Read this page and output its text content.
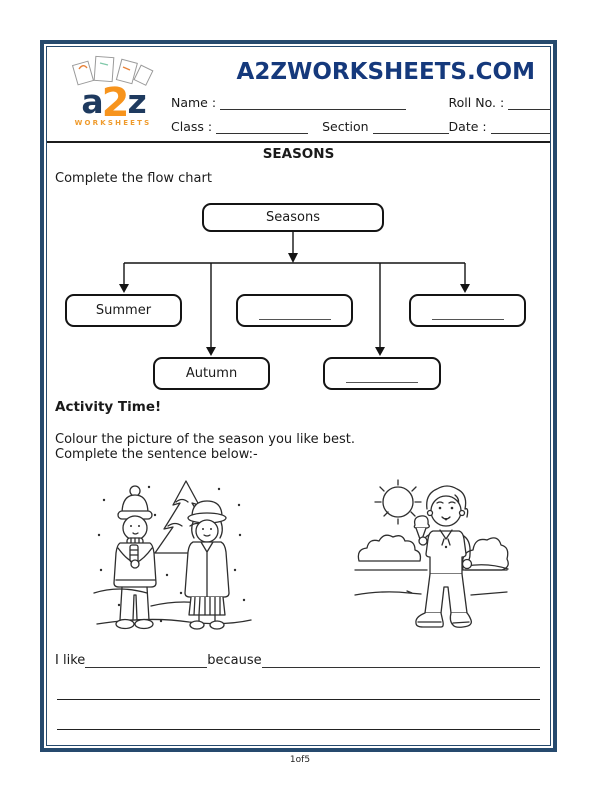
a2z
WORKSHEETS
A2ZWORKSHEETS.COM
Name :	Roll No. :
Class :	Section	Date :
SEASONS
Complete the flow chart
Seasons
Summer
Autumn
Activity Time!
Colour the picture of the season you like best.
Complete the sentence below:-
I like	because
1of5
